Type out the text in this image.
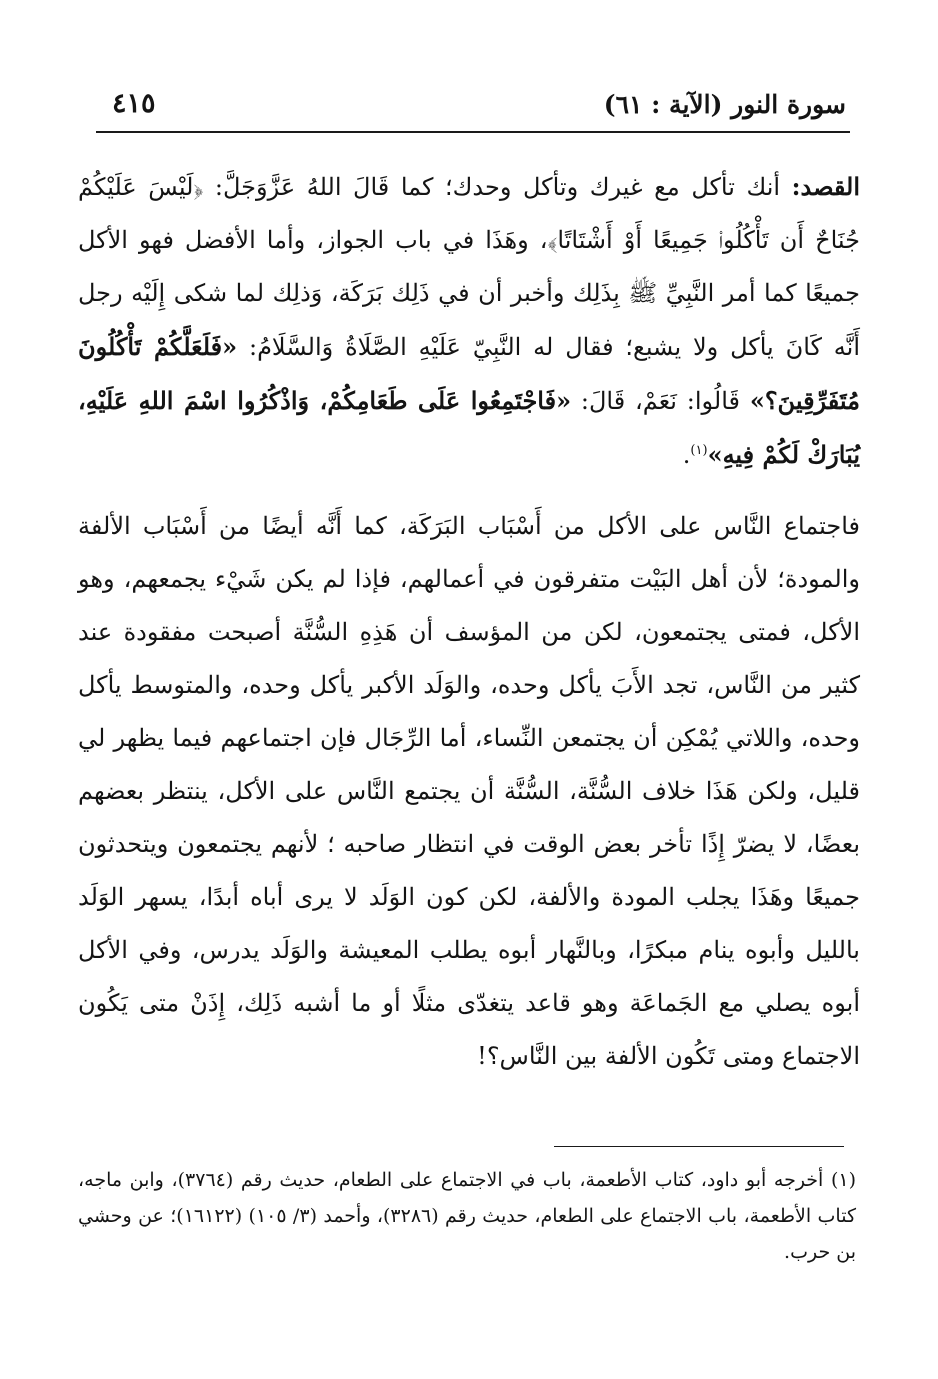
سورة النور (الآية : ٦١)
٤١٥

القصد: أنك تأكل مع غيرك وتأكل وحدك؛ كما قَالَ اللهُ عَزَّوَجَلَّ: ﴿لَيْسَ عَلَيْكُمْ جُنَاحٌ أَن تَأْكُلُوا۟ جَمِيعًا أَوْ أَشْتَاتًا﴾، وهَذَا في باب الجواز، وأما الأفضل فهو الأكل جميعًا كما أمر النَّبِيِّ ﷺ بِذَلِك وأخبر أن في ذَلِك بَرَكَة، وَذلِك لما شكى إِلَيْه رجل أَنَّه كَانَ يأكل ولا يشبع؛ فقال له النَّبِيّ عَلَيْهِ الصَّلَاةُ وَالسَّلَامُ: «فَلَعَلَّكُمْ تَأْكُلُونَ مُتَفَرِّقِينَ؟» قَالُوا: نَعَمْ، قَالَ: «فَاجْتَمِعُوا عَلَى طَعَامِكُمْ، وَاذْكُرُوا اسْمَ اللهِ عَلَيْهِ، يُبَارَكْ لَكُمْ فِيهِ»$^{(١)}$.

فاجتماع النَّاس على الأكل من أَسْبَاب البَرَكَة، كما أَنَّه أيضًا من أَسْبَاب الألفة والمودة؛ لأن أهل البَيْت متفرقون في أعمالهم، فإذا لم يكن شَيْء يجمعهم، وهو الأكل، فمتى يجتمعون، لكن من المؤسف أن هَذِهِ السُّنَّة أصبحت مفقودة عند كثير من النَّاس، تجد الأَبَ يأكل وحده، والوَلَد الأكبر يأكل وحده، والمتوسط يأكل وحده، واللاتي يُمْكِن أن يجتمعن النِّساء، أما الرِّجَال فإن اجتماعهم فيما يظهر لي قليل، ولكن هَذَا خلاف السُّنَّة، السُّنَّة أن يجتمع النَّاس على الأكل، ينتظر بعضهم بعضًا، لا يضرّ إِذًا تأخر بعض الوقت في انتظار صاحبه ؛ لأنهم يجتمعون ويتحدثون جميعًا وهَذَا يجلب المودة والألفة، لكن كون الوَلَد لا يرى أباه أبدًا، يسهر الوَلَد بالليل وأبوه ينام مبكرًا، وبالنَّهار أبوه يطلب المعيشة والوَلَد يدرس، وفي الأكل أبوه يصلي مع الجَماعَة وهو قاعد يتغدّى مثلًا أو ما أشبه ذَلِك، إِذَنْ متى يَكُون الاجتماع ومتى تَكُون الألفة بين النَّاس؟!

(١) أخرجه أبو داود، كتاب الأطعمة، باب في الاجتماع على الطعام، حديث رقم (٣٧٦٤)، وابن ماجه، كتاب الأطعمة، باب الاجتماع على الطعام، حديث رقم (٣٢٨٦)، وأحمد (٣/ ١٠٥) (١٦١٢٢)؛ عن وحشي بن حرب.
